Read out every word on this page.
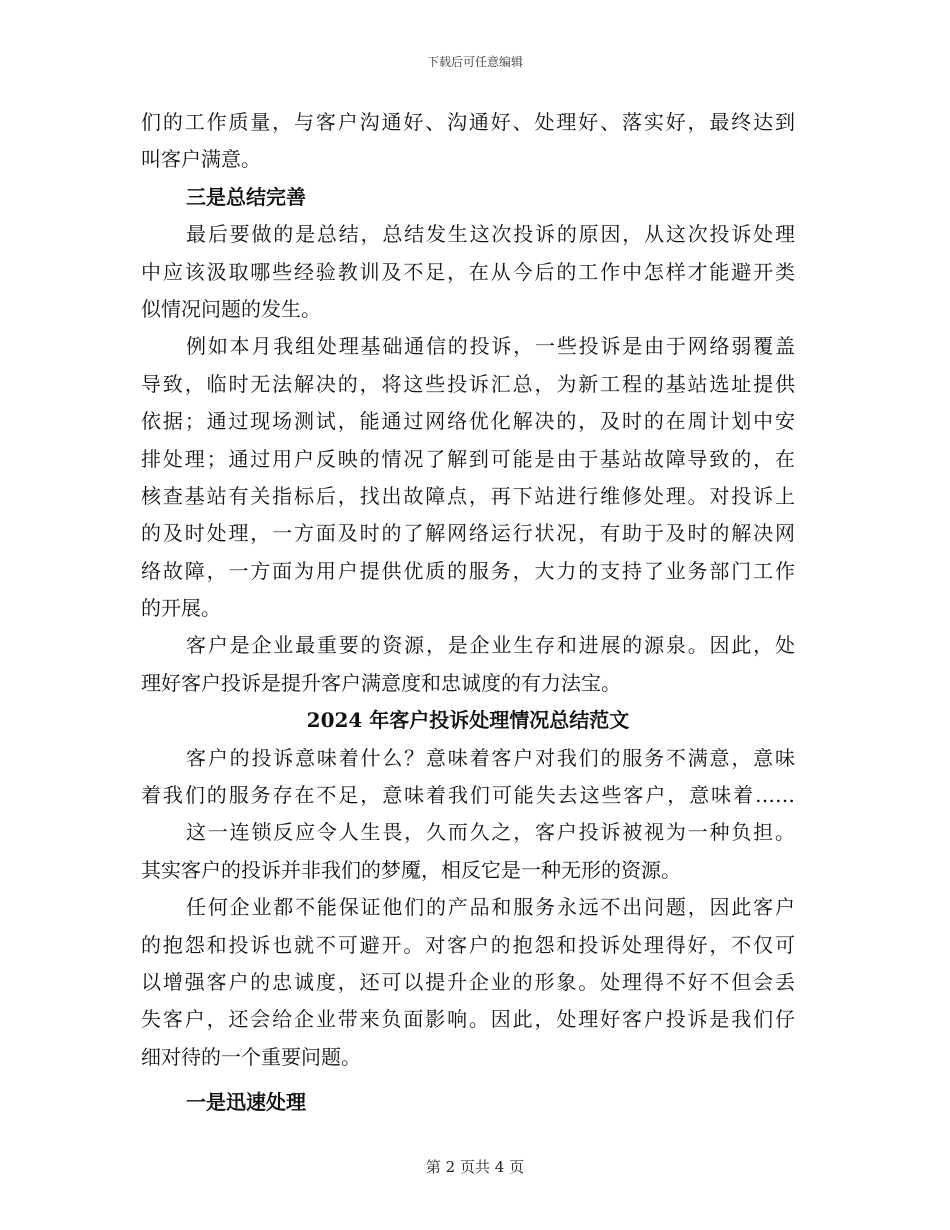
下载后可任意编辑
们的工作质量，与客户沟通好、沟通好、处理好、落实好，最终达到
叫客户满意。
三是总结完善
最后要做的是总结，总结发生这次投诉的原因，从这次投诉处理
中应该汲取哪些经验教训及不足，在从今后的工作中怎样才能避开类
似情况问题的发生。
例如本月我组处理基础通信的投诉，一些投诉是由于网络弱覆盖
导致，临时无法解决的，将这些投诉汇总，为新工程的基站选址提供
依据；通过现场测试，能通过网络优化解决的，及时的在周计划中安
排处理；通过用户反映的情况了解到可能是由于基站故障导致的，在
核查基站有关指标后，找出故障点，再下站进行维修处理。对投诉上
的及时处理，一方面及时的了解网络运行状况，有助于及时的解决网
络故障，一方面为用户提供优质的服务，大力的支持了业务部门工作
的开展。
客户是企业最重要的资源，是企业生存和进展的源泉。因此，处
理好客户投诉是提升客户满意度和忠诚度的有力法宝。
2024 年客户投诉处理情况总结范文
客户的投诉意味着什么？意味着客户对我们的服务不满意，意味
着我们的服务存在不足，意味着我们可能失去这些客户，意味着……
这一连锁反应令人生畏，久而久之，客户投诉被视为一种负担。
其实客户的投诉并非我们的梦魇，相反它是一种无形的资源。
任何企业都不能保证他们的产品和服务永远不出问题，因此客户
的抱怨和投诉也就不可避开。对客户的抱怨和投诉处理得好，不仅可
以增强客户的忠诚度，还可以提升企业的形象。处理得不好不但会丢
失客户，还会给企业带来负面影响。因此，处理好客户投诉是我们仔
细对待的一个重要问题。
一是迅速处理
第 2 页共 4 页
